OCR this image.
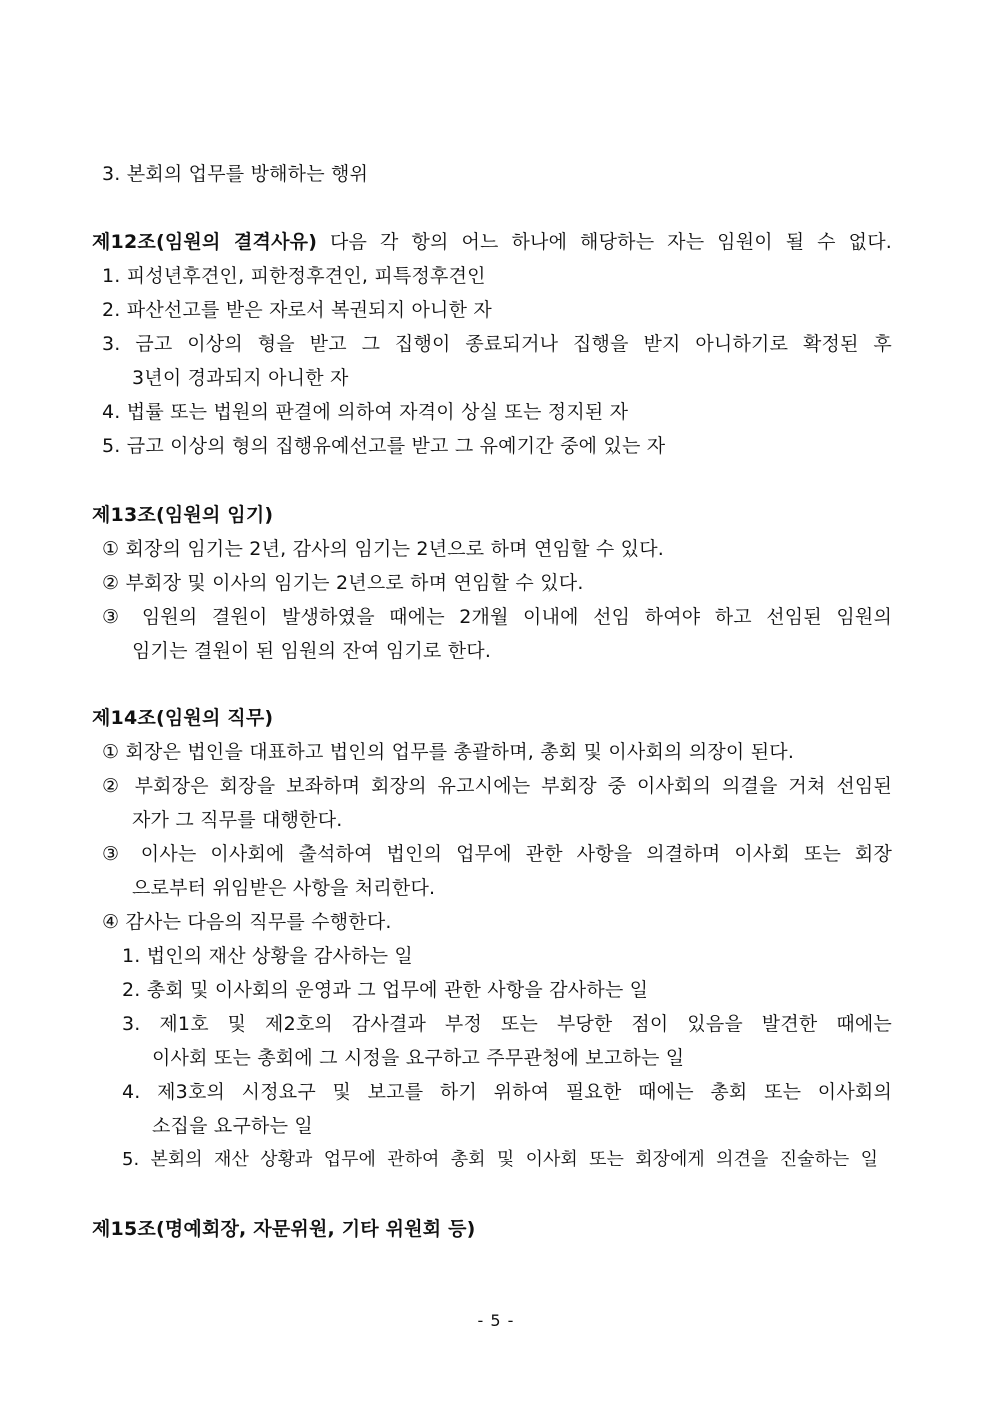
3. 본회의 업무를 방해하는 행위
제12조(임원의 결격사유) 다음 각 항의 어느 하나에 해당하는 자는 임원이 될 수 없다.
1. 피성년후견인, 피한정후견인, 피특정후견인
2. 파산선고를 받은 자로서 복권되지 아니한 자
3. 금고 이상의 형을 받고 그 집행이 종료되거나 집행을 받지 아니하기로 확정된 후
3년이 경과되지 아니한 자
4. 법률 또는 법원의 판결에 의하여 자격이 상실 또는 정지된 자
5. 금고 이상의 형의 집행유예선고를 받고 그 유예기간 중에 있는 자
제13조(임원의 임기)
① 회장의 임기는 2년, 감사의 임기는 2년으로 하며 연임할 수 있다.
② 부회장 및 이사의 임기는 2년으로 하며 연임할 수 있다.
③ 임원의 결원이 발생하였을 때에는 2개월 이내에 선임 하여야 하고 선임된 임원의
임기는 결원이 된 임원의 잔여 임기로 한다.
제14조(임원의 직무)
① 회장은 법인을 대표하고 법인의 업무를 총괄하며, 총회 및 이사회의 의장이 된다.
② 부회장은 회장을 보좌하며 회장의 유고시에는 부회장 중 이사회의 의결을 거쳐 선임된
자가 그 직무를 대행한다.
③ 이사는 이사회에 출석하여 법인의 업무에 관한 사항을 의결하며 이사회 또는 회장
으로부터 위임받은 사항을 처리한다.
④ 감사는 다음의 직무를 수행한다.
1. 법인의 재산 상황을 감사하는 일
2. 총회 및 이사회의 운영과 그 업무에 관한 사항을 감사하는 일
3. 제1호 및 제2호의 감사결과 부정 또는 부당한 점이 있음을 발견한 때에는
이사회 또는 총회에 그 시정을 요구하고 주무관청에 보고하는 일
4. 제3호의 시정요구 및 보고를 하기 위하여 필요한 때에는 총회 또는 이사회의
소집을 요구하는 일
5. 본회의 재산 상황과 업무에 관하여 총회 및 이사회 또는 회장에게 의견을 진술하는 일
제15조(명예회장, 자문위원, 기타 위원회 등)
- 5 -
